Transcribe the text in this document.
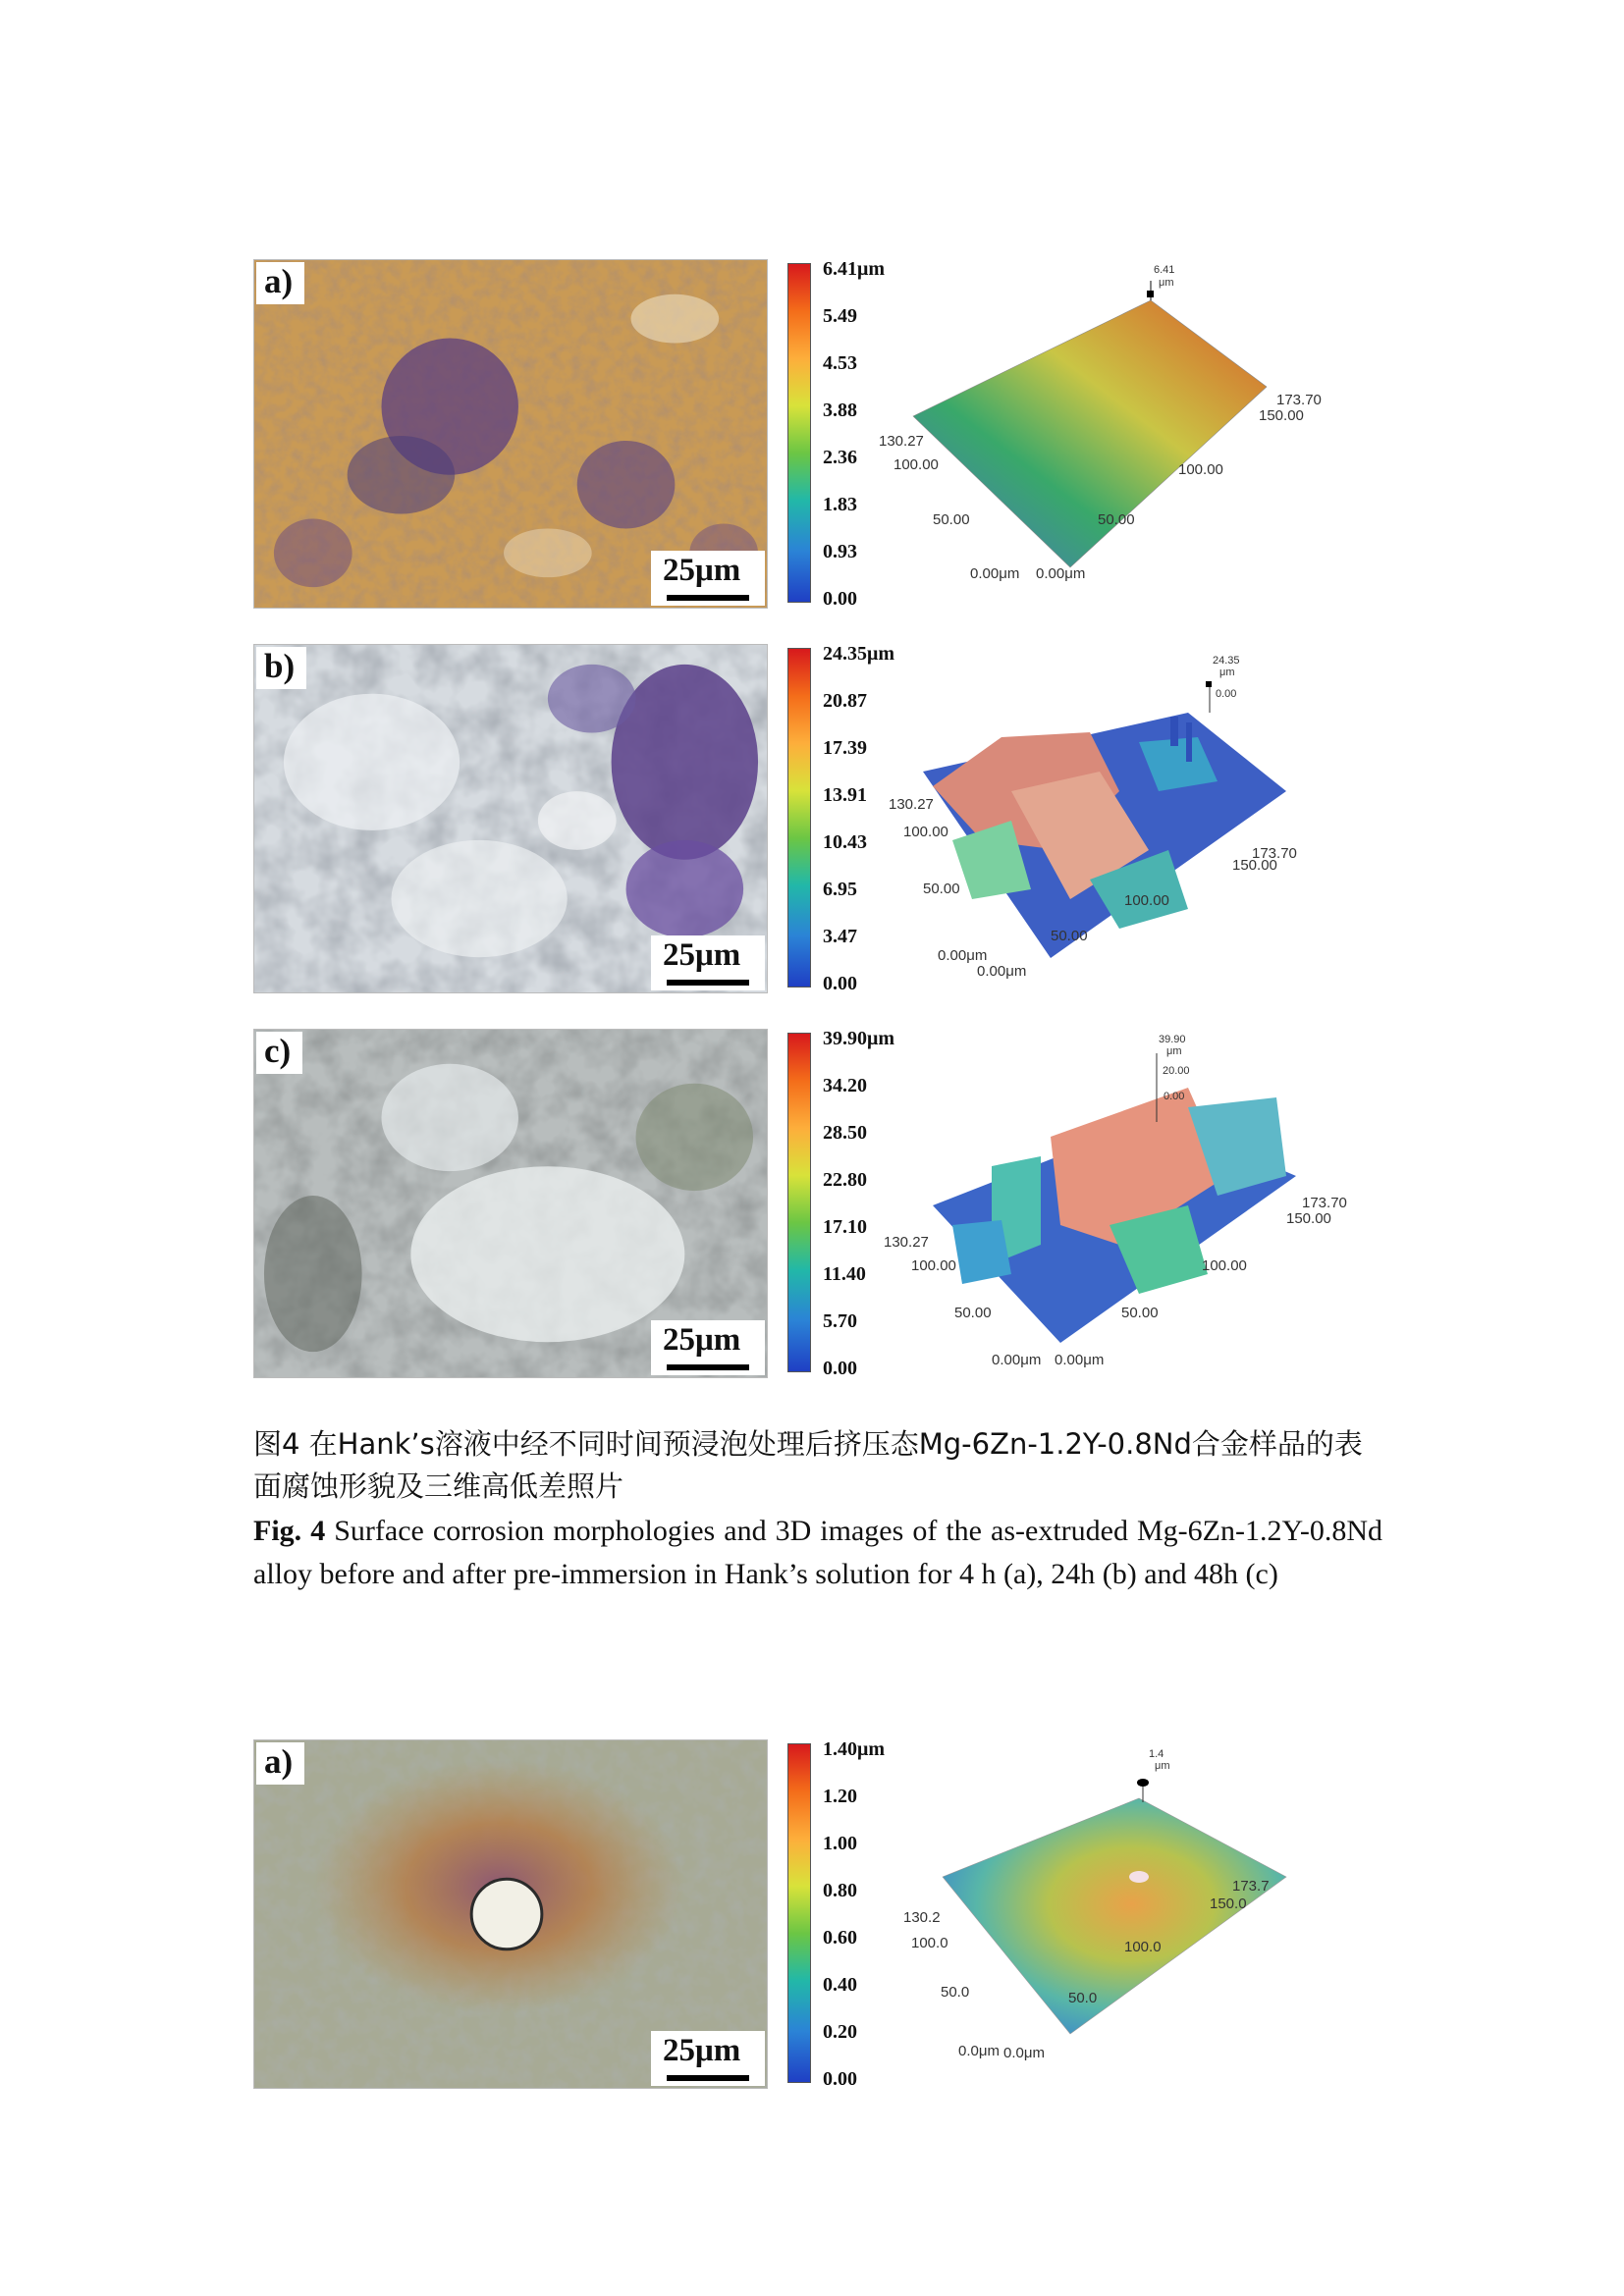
a)
25μm
6.41μm
5.49
4.53
3.88
2.36
1.83
0.93
0.00
6.41
μm
130.27
100.00
50.00
0.00μm 0.00μm
50.00
100.00
150.00
173.70
b)
25μm
24.35μm
20.87
17.39
13.91
10.43
6.95
3.47
0.00
24.35
μm
0.00
130.27
100.00
50.00
0.00μm
0.00μm
50.00
100.00
150.00
173.70
c)
25μm
39.90μm
34.20
28.50
22.80
17.10
11.40
5.70
0.00
39.90
μm
20.00
0.00
130.27
100.00
50.00
0.00μm 0.00μm
50.00
100.00
150.00
173.70
图4 在Hank’s溶液中经不同时间预浸泡处理后挤压态Mg-6Zn-1.2Y-0.8Nd合金样品的表面腐蚀形貌及三维高低差照片
Fig. 4 Surface corrosion morphologies and 3D images of the as-extruded Mg-6Zn-1.2Y-0.8Nd alloy before and after pre-immersion in Hank’s solution for 4 h (a), 24h (b) and 48h (c)
a)
25μm
1.40μm
1.20
1.00
0.80
0.60
0.40
0.20
0.00
1.4
μm
130.2
100.0
50.0
0.0μm 0.0μm
50.0
100.0
150.0
173.7
